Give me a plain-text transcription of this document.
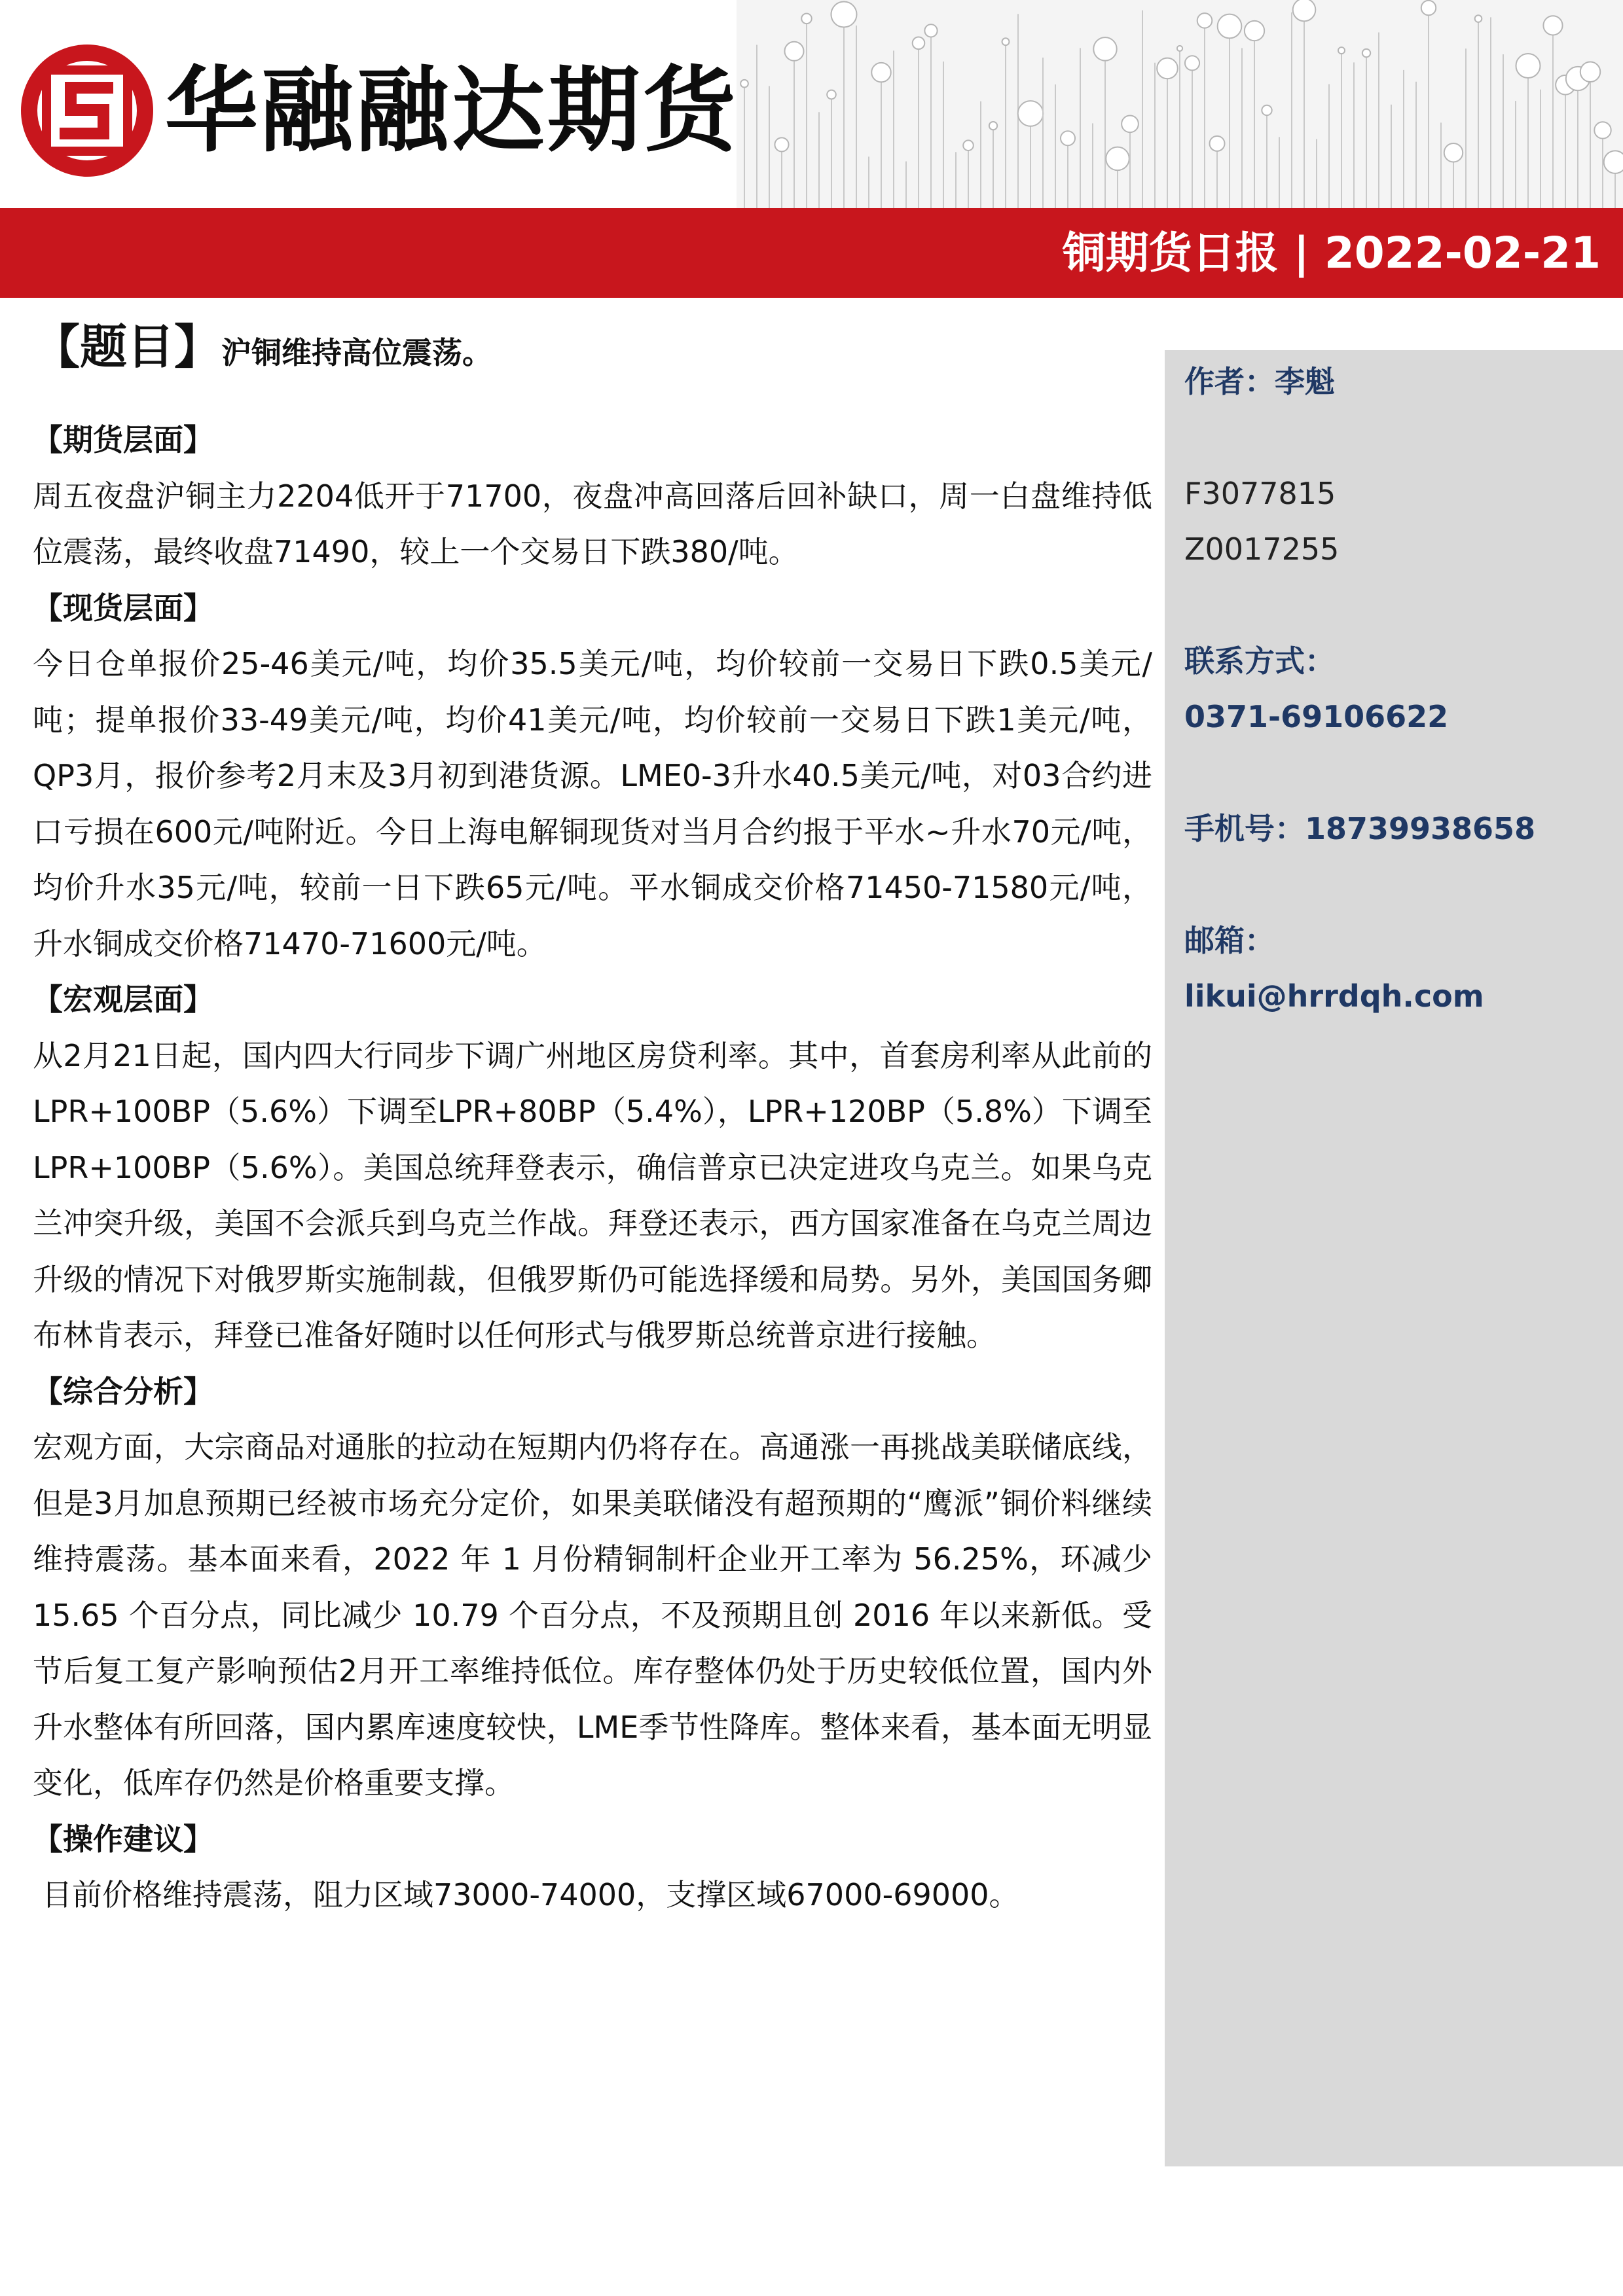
华融融达期货
铜期货日报 | 2022-02-21
【题目】沪铜维持高位震荡。
【期货层面】
周五夜盘沪铜主力2204低开于71700，夜盘冲高回落后回补缺口，周一白盘维持低位震荡，最终收盘71490，较上一个交易日下跌380/吨。
【现货层面】
今日仓单报价25-46美元/吨，均价35.5美元/吨，均价较前一交易日下跌0.5美元/吨；提单报价33-49美元/吨，均价41美元/吨，均价较前一交易日下跌1美元/吨，QP3月，报价参考2月末及3月初到港货源。LME0-3升水40.5美元/吨，对03合约进口亏损在600元/吨附近。今日上海电解铜现货对当月合约报于平水~升水70元/吨，均价升水35元/吨，较前一日下跌65元/吨。平水铜成交价格71450-71580元/吨，升水铜成交价格71470-71600元/吨。
【宏观层面】
从2月21日起，国内四大行同步下调广州地区房贷利率。其中，首套房利率从此前的LPR+100BP（5.6%）下调至LPR+80BP（5.4%），LPR+120BP（5.8%）下调至LPR+100BP（5.6%）。美国总统拜登表示，确信普京已决定进攻乌克兰。如果乌克兰冲突升级，美国不会派兵到乌克兰作战。拜登还表示，西方国家准备在乌克兰周边升级的情况下对俄罗斯实施制裁，但俄罗斯仍可能选择缓和局势。另外，美国国务卿布林肯表示，拜登已准备好随时以任何形式与俄罗斯总统普京进行接触。
【综合分析】
宏观方面，大宗商品对通胀的拉动在短期内仍将存在。高通涨一再挑战美联储底线，但是3月加息预期已经被市场充分定价，如果美联储没有超预期的“鹰派”铜价料继续维持震荡。基本面来看，2022 年 1 月份精铜制杆企业开工率为 56.25%，环减少 15.65 个百分点，同比减少 10.79 个百分点，不及预期且创 2016 年以来新低。受节后复工复产影响预估2月开工率维持低位。库存整体仍处于历史较低位置，国内外升水整体有所回落，国内累库速度较快，LME季节性降库。整体来看，基本面无明显变化，低库存仍然是价格重要支撑。
【操作建议】
目前价格维持震荡，阻力区域73000-74000，支撑区域67000-69000。
作者：李魁
F3077815
Z0017255
联系方式：
0371-69106622
手机号：18739938658
邮箱：
likui@hrrdqh.com
